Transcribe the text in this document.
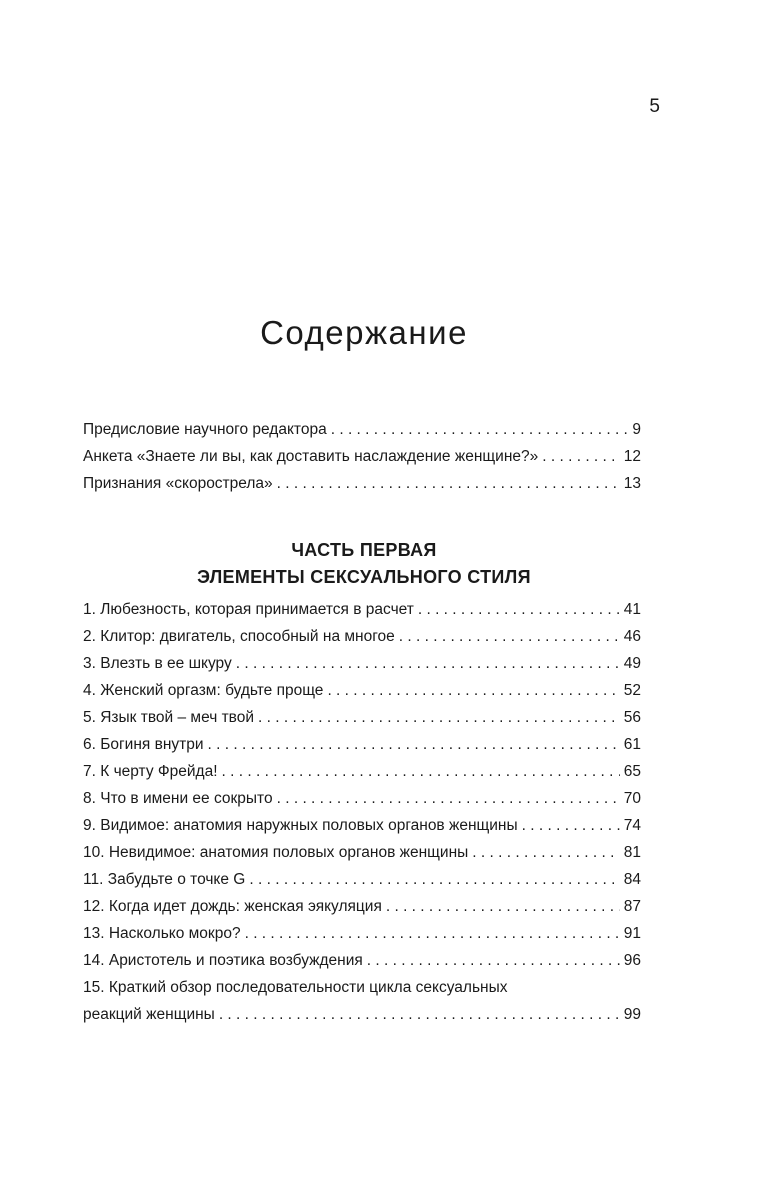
5
Содержание
Предисловие научного редактора . . .	9
Анкета «Знаете ли вы, как доставить наслаждение женщине?» . . .	12
Признания «скорострела» . . .	13
ЧАСТЬ ПЕРВАЯ
ЭЛЕМЕНТЫ СЕКСУАЛЬНОГО СТИЛЯ
1. Любезность, которая принимается в расчет . . .	41
2. Клитор: двигатель, способный на многое . . .	46
3. Влезть в ее шкуру . . .	49
4. Женский оргазм: будьте проще . . .	52
5. Язык твой – меч твой . . .	56
6. Богиня внутри . . .	61
7. К черту Фрейда! . . .	65
8. Что в имени ее сокрыто . . .	70
9. Видимое: анатомия наружных половых органов женщины . . .	74
10. Невидимое: анатомия половых органов женщины . . .	81
11. Забудьте о точке G . . .	84
12. Когда идет дождь: женская эякуляция . . .	87
13. Насколько мокро? . . .	91
14. Аристотель и поэтика возбуждения . . .	96
15. Краткий обзор последовательности цикла сексуальных
реакций женщины . . .	99
